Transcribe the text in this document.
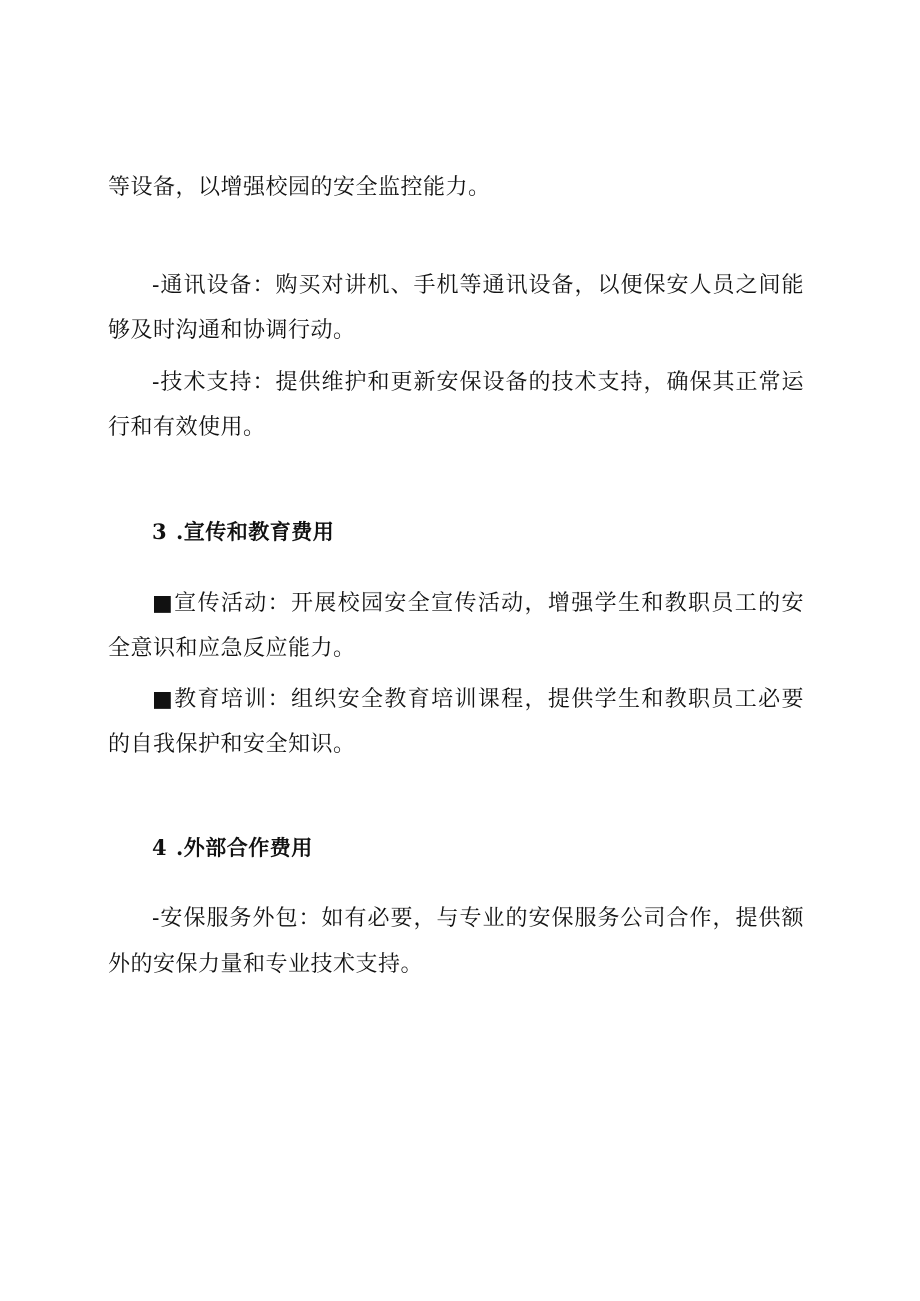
等设备，以增强校园的安全监控能力。
-通讯设备：购买对讲机、手机等通讯设备，以便保安人员之间能
够及时沟通和协调行动。
-技术支持：提供维护和更新安保设备的技术支持，确保其正常运
行和有效使用。
3 .宣传和教育费用
■宣传活动：开展校园安全宣传活动，增强学生和教职员工的安
全意识和应急反应能力。
■教育培训：组织安全教育培训课程，提供学生和教职员工必要
的自我保护和安全知识。
4 .外部合作费用
-安保服务外包：如有必要，与专业的安保服务公司合作，提供额
外的安保力量和专业技术支持。
